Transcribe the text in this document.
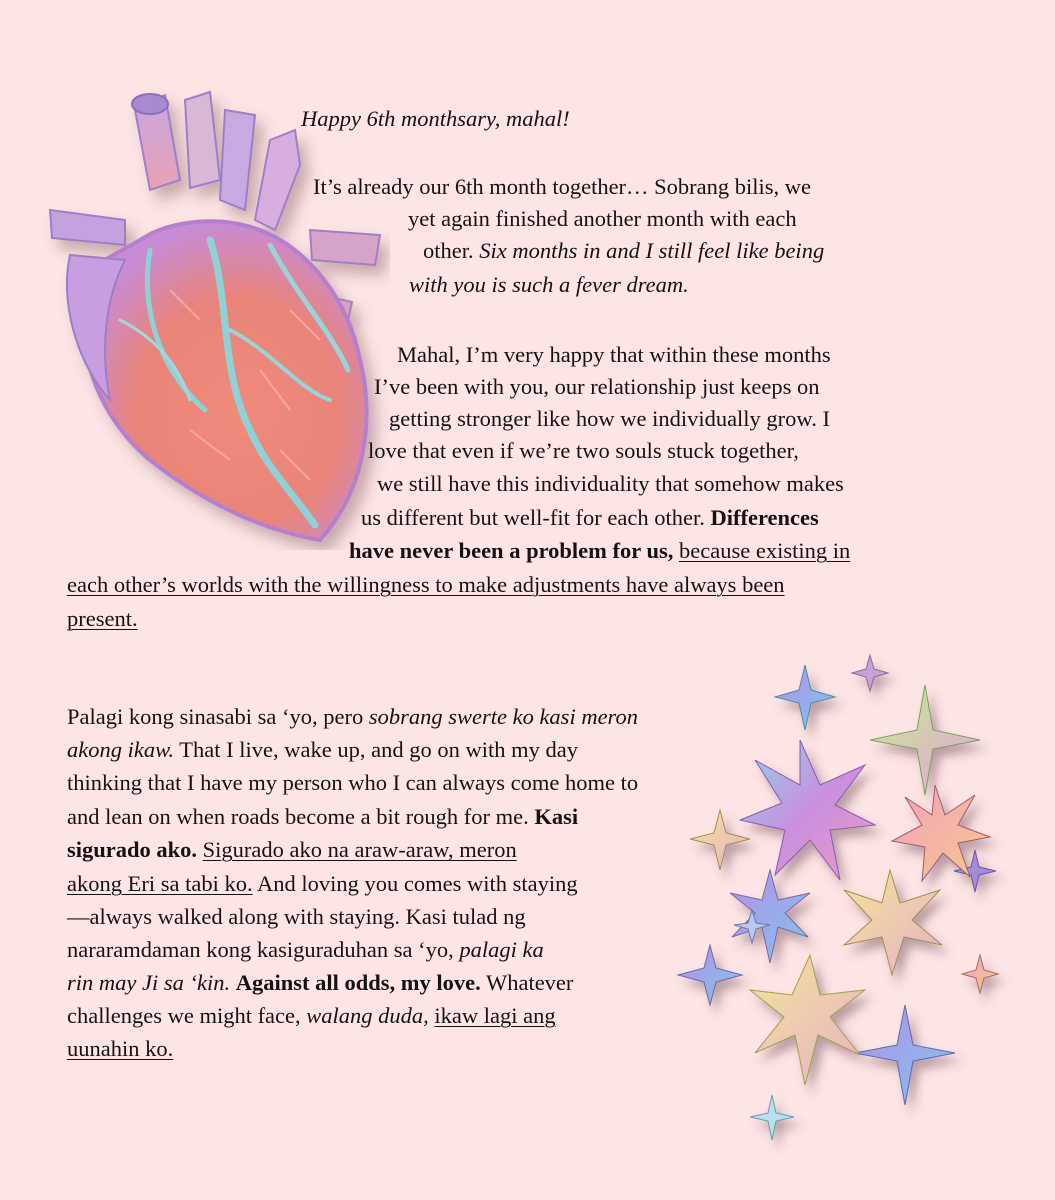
Happy 6th monthsary, mahal!
It’s already our 6th month together… Sobrang bilis, we
yet again finished another month with each
other. Six months in and I still feel like being
with you is such a fever dream.
Mahal, I’m very happy that within these months
I’ve been with you, our relationship just keeps on
getting stronger like how we individually grow. I
love that even if we’re two souls stuck together,
we still have this individuality that somehow makes
us different but well-fit for each other. Differences
have never been a problem for us, because existing in
each other’s worlds with the willingness to make adjustments have always been
present.
Palagi kong sinasabi sa ‘yo, pero sobrang swerte ko kasi meron
akong ikaw. That I live, wake up, and go on with my day
thinking that I have my person who I can always come home to
and lean on when roads become a bit rough for me. Kasi
sigurado ako. Sigurado ako na araw-araw, meron
akong Eri sa tabi ko. And loving you comes with staying
—always walked along with staying. Kasi tulad ng
nararamdaman kong kasiguraduhan sa ‘yo, palagi ka
rin may Ji sa ‘kin. Against all odds, my love. Whatever
challenges we might face, walang duda, ikaw lagi ang
uunahin ko.
